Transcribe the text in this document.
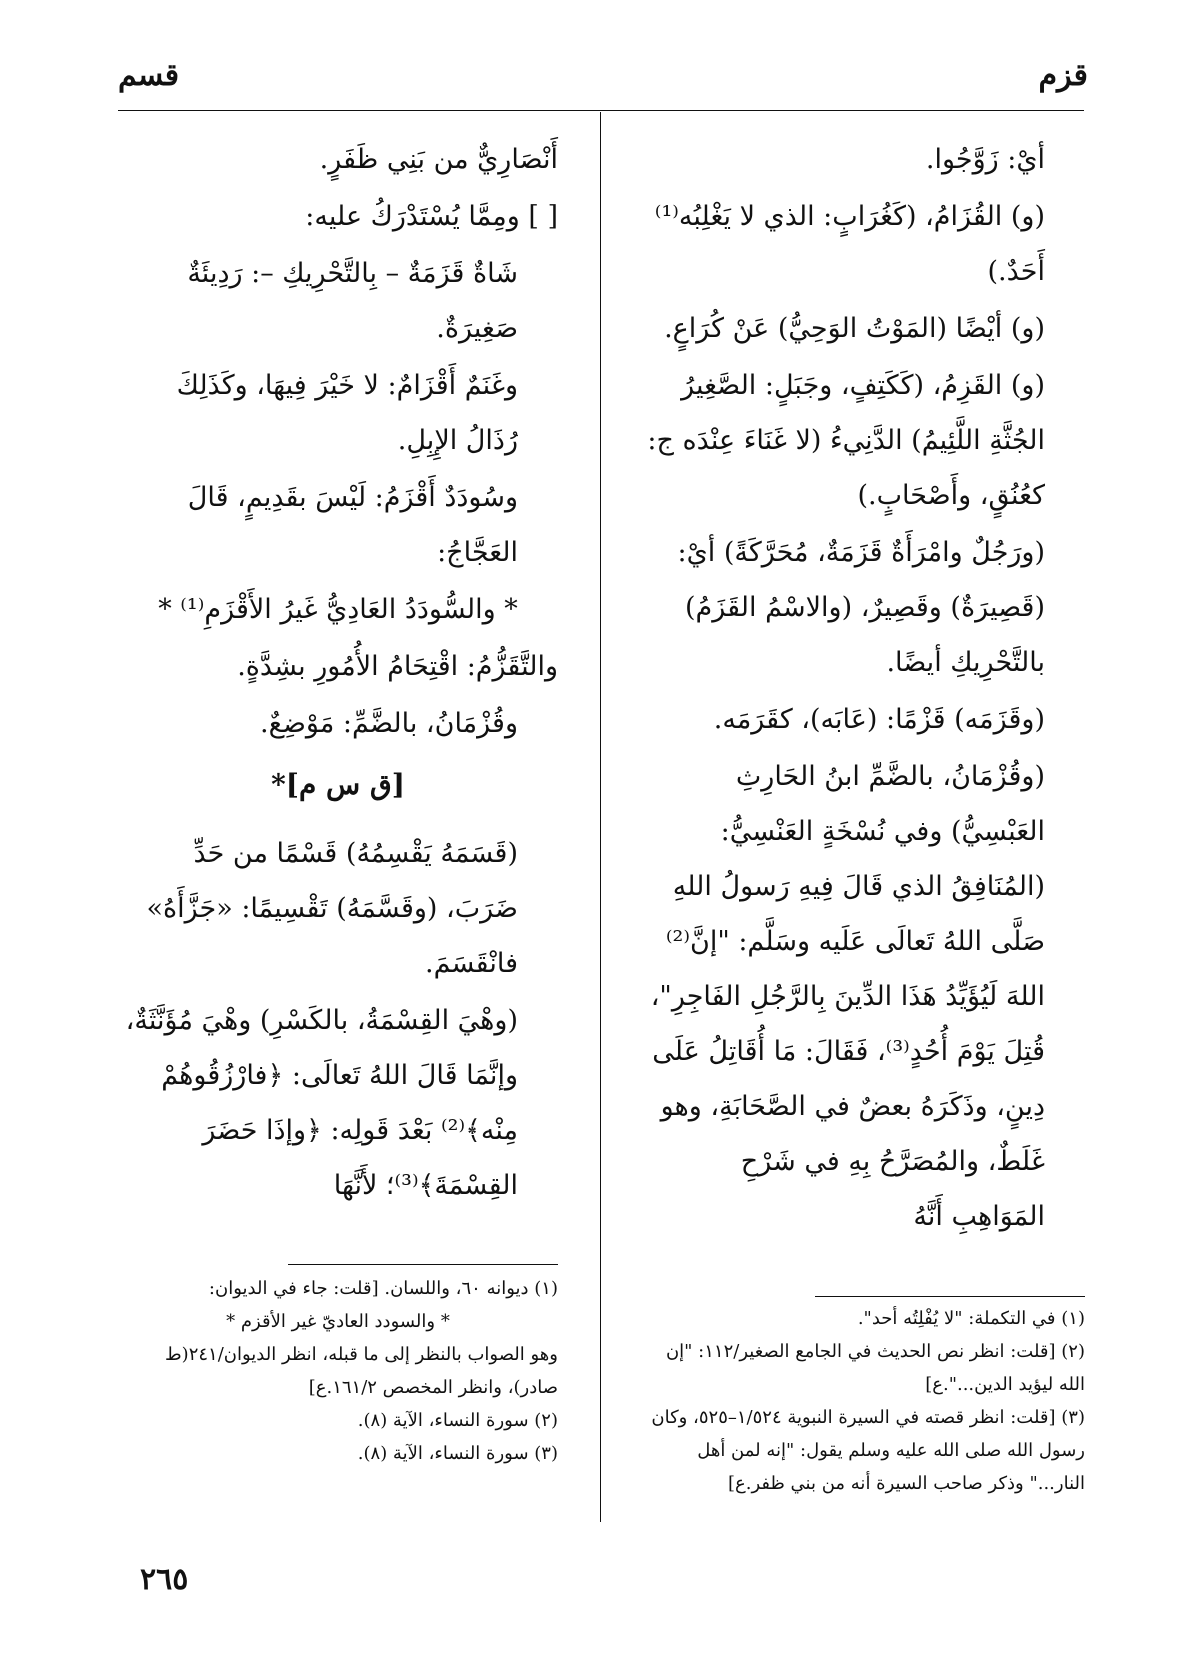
قزم
قسم

أيْ: زَوَّجُوا.

(و) القُزَامُ، (كَغُرَابٍ: الذي لا يَغْلِبُه⁽¹⁾ أَحَدٌ.)

(و) أيْضًا (المَوْتُ الوَحِيُّ) عَنْ كُرَاعٍ.

(و) القَزِمُ، (كَكَتِفٍ، وجَبَلٍ: الصَّغِيرُ الجُثَّةِ اللَّئِيمُ) الدَّنِيءُ (لا غَنَاءَ عِنْدَه ج: كعُنُقٍ، وأَصْحَابٍ.)

(ورَجُلٌ وامْرَأَةٌ قَزَمَةٌ، مُحَرَّكَةً) أيْ: (قَصِيرَةٌ) وقَصِيرٌ، (والاسْمُ القَزَمُ) بالتَّحْرِيكِ أيضًا.

(وقَزَمَه) قَزْمًا: (عَابَه)، كقَرَمَه.

(وقُزْمَانُ، بالضَّمِّ ابنُ الحَارِثِ العَبْسِيُّ) وفي نُسْخَةٍ العَنْسِيُّ: (المُنَافِقُ الذي قَالَ فِيهِ رَسولُ اللهِ صَلَّى اللهُ تَعالَى عَلَيه وسَلَّم: "إنَّ⁽²⁾ اللهَ لَيُؤَيِّدُ هَذَا الدِّينَ بِالرَّجُلِ الفَاجِرِ"، قُتِلَ يَوْمَ أُحُدٍ⁽³⁾، فَقَالَ: مَا أُقَاتِلُ عَلَى دِينٍ، وذَكَرَهُ بعضٌ في الصَّحَابَةِ، وهو غَلَطٌ، والمُصَرَّحُ بِهِ في شَرْحِ المَوَاهِبِ أَنَّهُ

أَنْصَارِيٌّ من بَنِي ظَفَرٍ.

[ ] ومِمَّا يُسْتَدْرَكُ عليه:

شَاةٌ قَزَمَةٌ – بِالتَّحْرِيكِ –: رَدِيئَةٌ صَغِيرَةٌ.

وغَنَمٌ أَقْزَامٌ: لا خَيْرَ فِيهَا، وكَذَلِكَ رُذَالُ الإِبِلِ.

وسُودَدٌ أَقْزَمُ: لَيْسَ بقَدِيمٍ، قَالَ العَجَّاجُ:

* والسُّودَدُ العَادِيُّ غَيرُ الأَقْزَمِ⁽¹⁾ *

والتَّقَزُّمُ: اقْتِحَامُ الأُمُورِ بشِدَّةٍ.

وقُزْمَانُ، بالضَّمِّ: مَوْضِعٌ.

[ق س م]*

(قَسَمَهُ يَقْسِمُهُ) قَسْمًا من حَدِّ ضَرَبَ، (وقَسَّمَهُ) تَقْسِيمًا: «جَزَّأَهُ» فانْقَسَمَ.

(وهْيَ القِسْمَةُ، بالكَسْرِ) وهْيَ مُؤَنَّثَةٌ، وإنَّمَا قَالَ اللهُ تَعالَى: ﴿فارْزُقُوهُمْ مِنْه﴾⁽²⁾ بَعْدَ قَولِه: ﴿وإذَا حَضَرَ القِسْمَةَ﴾⁽³⁾؛ لأَنَّهَا

(١) في التكملة: "لا يُفْلِتُه أحد".

(٢) [قلت: انظر نص الحديث في الجامع الصغير/١١٢: "إن الله ليؤيد الدين...".ع]

(٣) [قلت: انظر قصته في السيرة النبوية ١/٥٢٤–٥٢٥، وكان رسول الله صلى الله عليه وسلم يقول: "إنه لمن أهل النار..." وذكر صاحب السيرة أنه من بني ظفر.ع]

(١) ديوانه ٦٠، واللسان. [قلت: جاء في الديوان:

* والسودد العاديّ غير الأقزم *

وهو الصواب بالنظر إلى ما قبله، انظر الديوان/٢٤١(ط صادر)، وانظر المخصص ١٦١/٢.ع]

(٢) سورة النساء، الآية (٨).

(٣) سورة النساء، الآية (٨).

٢٦٥
